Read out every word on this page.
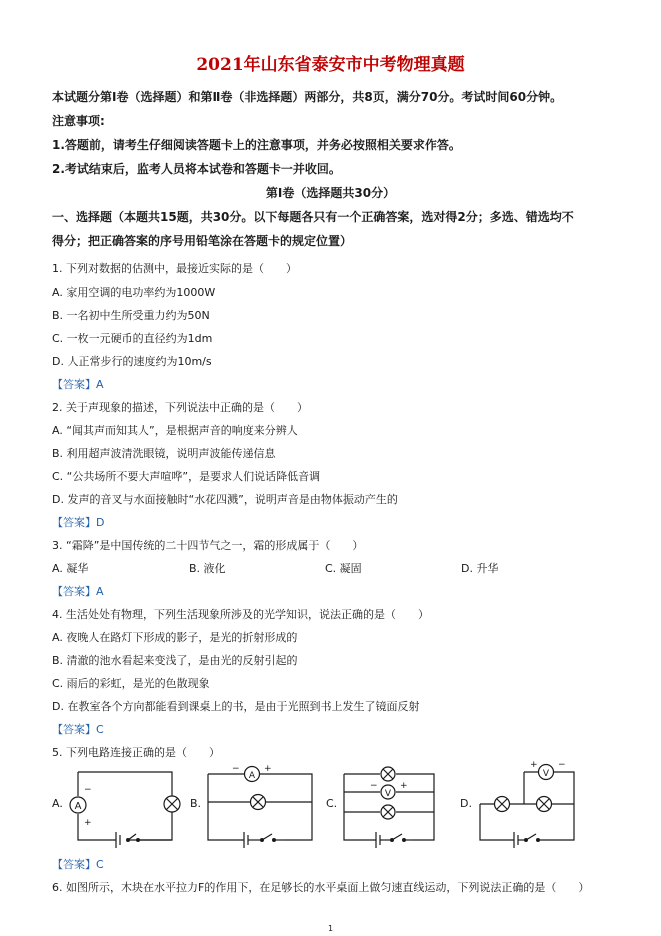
2021年山东省泰安市中考物理真题
本试题分第Ⅰ卷（选择题）和第Ⅱ卷（非选择题）两部分，共8页，满分70分。考试时间60分钟。
注意事项:
1.答题前，请考生仔细阅读答题卡上的注意事项，并务必按照相关要求作答。
2.考试结束后，监考人员将本试卷和答题卡一并收回。
第Ⅰ卷（选择题共30分）
一、选择题（本题共15题，共30分。以下每题各只有一个正确答案，选对得2分；多选、错选均不
得分；把正确答案的序号用铅笔涂在答题卡的规定位置）
1. 下列对数据的估测中，最接近实际的是（　　）
A. 家用空调的电功率约为1000W
B. 一名初中生所受重力约为50N
C. 一枚一元硬币的直径约为1dm
D. 人正常步行的速度约为10m/s
【答案】A
2. 关于声现象的描述，下列说法中正确的是（　　）
A. “闻其声而知其人”，是根据声音的响度来分辨人
B. 利用超声波清洗眼镜，说明声波能传递信息
C. “公共场所不要大声喧哗”，是要求人们说话降低音调
D. 发声的音叉与水面接触时“水花四溅”，说明声音是由物体振动产生的
【答案】D
3. “霜降”是中国传统的二十四节气之一，霜的形成属于（　　）
A. 凝华	B. 液化	C. 凝固	D. 升华
【答案】A
4. 生活处处有物理，下列生活现象所涉及的光学知识，说法正确的是（　　）
A. 夜晚人在路灯下形成的影子，是光的折射形成的
B. 清澈的池水看起来变浅了，是由光的反射引起的
C. 雨后的彩虹，是光的色散现象
D. 在教室各个方向都能看到课桌上的书，是由于光照到书上发生了镜面反射
【答案】C
5. 下列电路连接正确的是（　　）
A.	B.	C.	D.
A
−
+
A
−	+
V
− +
V
+ −
【答案】C
6. 如图所示，木块在水平拉力F的作用下，在足够长的水平桌面上做匀速直线运动，下列说法正确的是（　　）
1
